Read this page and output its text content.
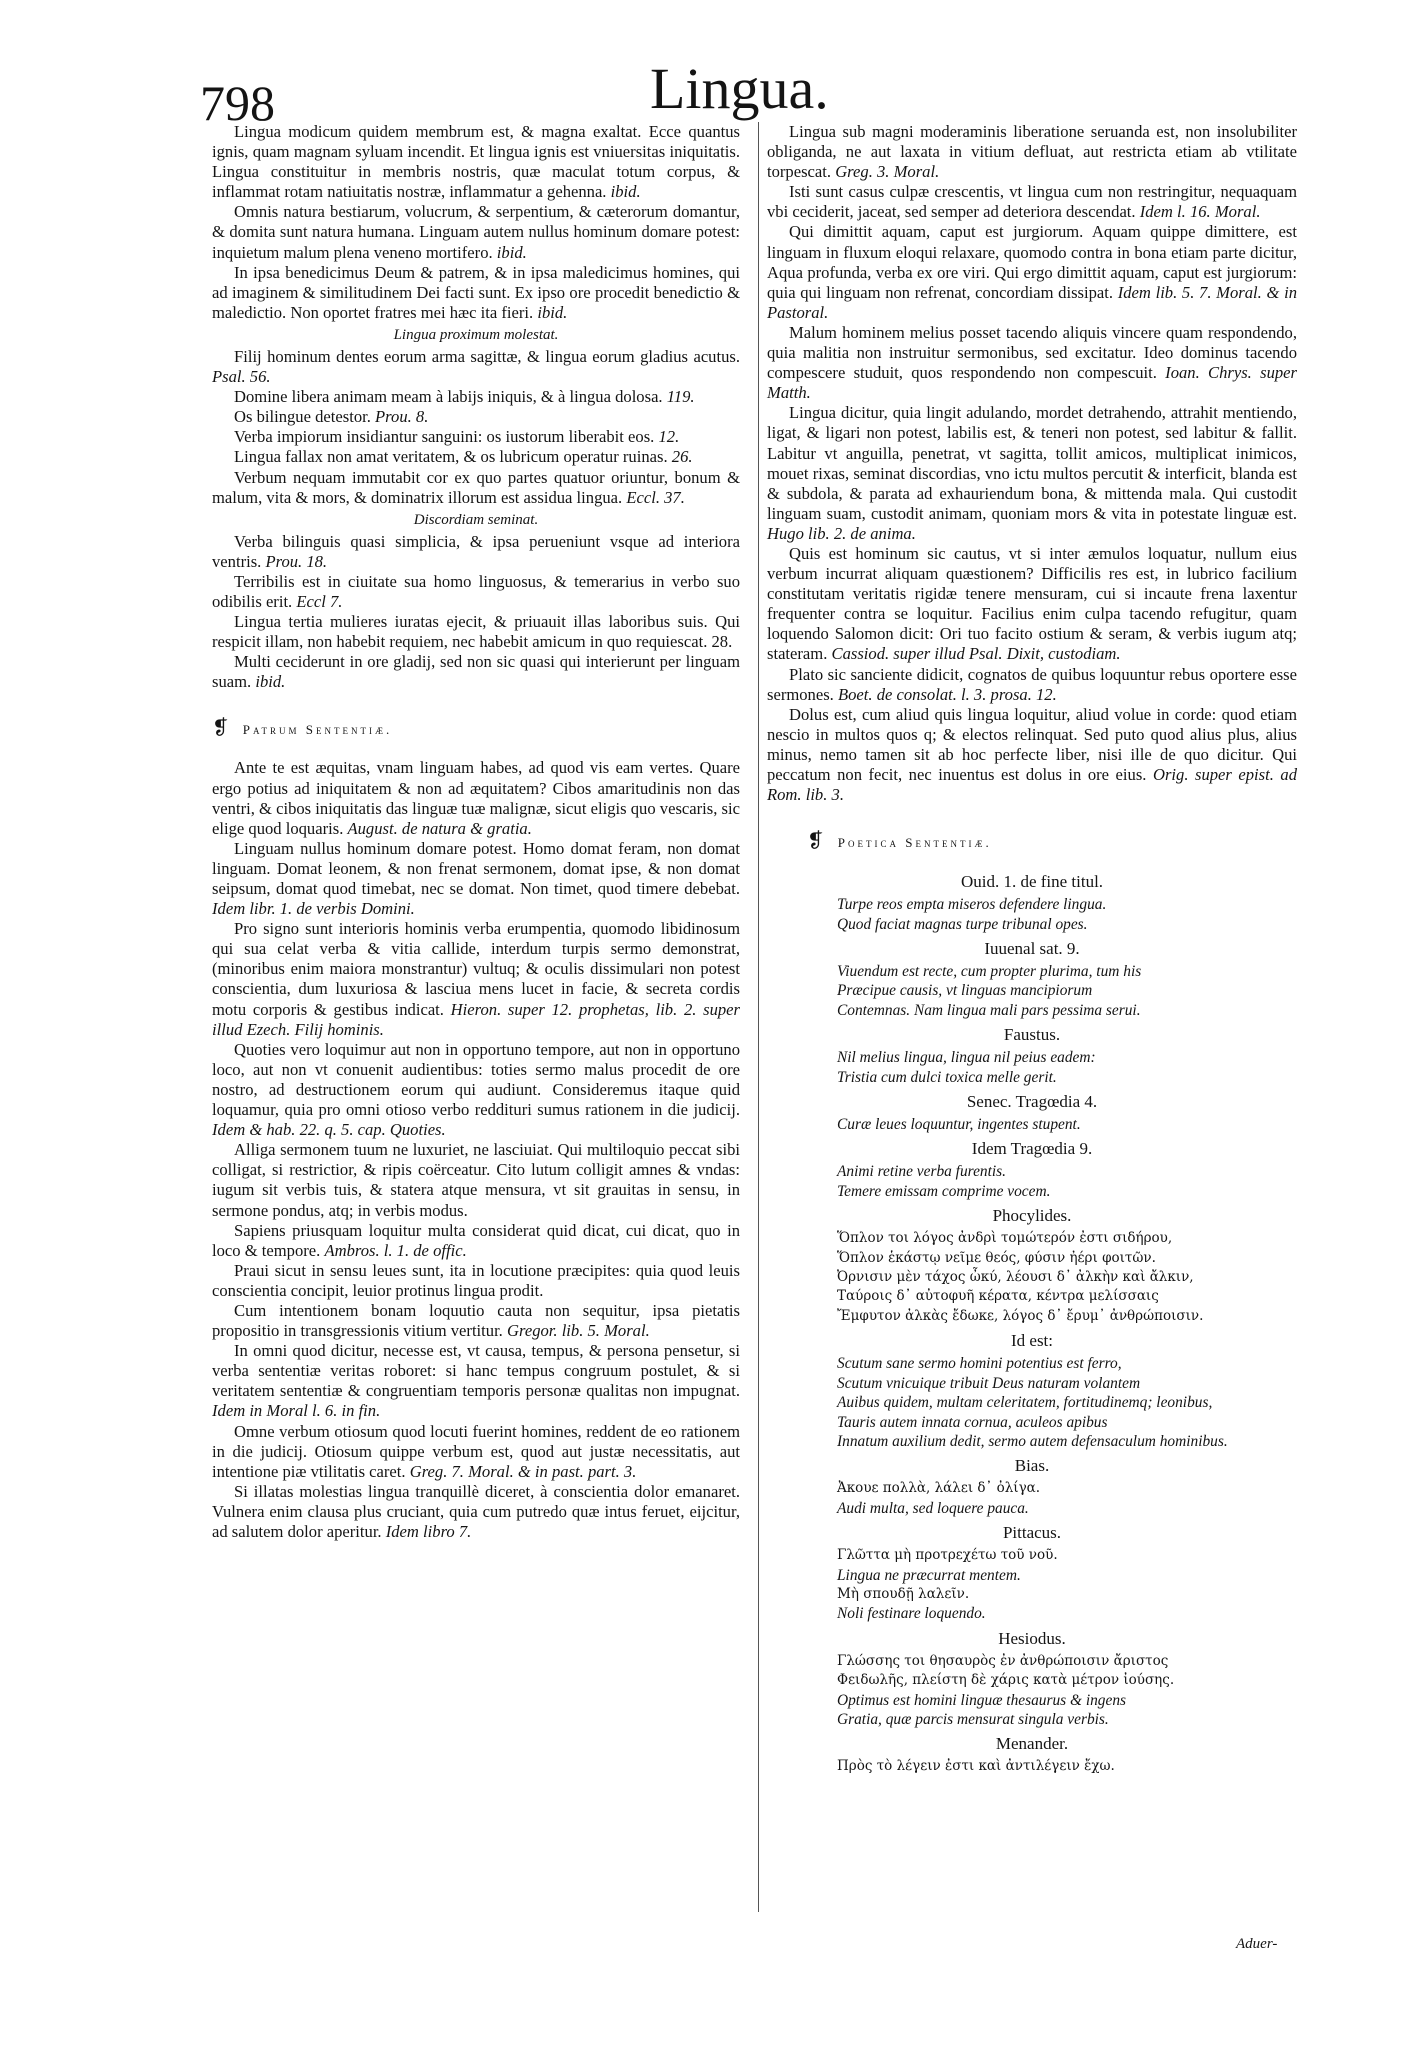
798	Lingua.

Lingua modicum quidem membrum est, & magna exaltat. Ecce quantus ignis, quam magnam syluam incendit. Et lingua ignis est vniuersitas iniquitatis. Lingua constituitur in membris nostris, quæ maculat totum corpus, & inflammat rotam natiuitatis nostræ, inflammatur a gehenna. ibid.

Omnis natura bestiarum, volucrum, & serpentium, & cæterorum domantur, & domita sunt natura humana. Linguam autem nullus hominum domare potest: inquietum malum plena veneno mortifero. ibid.

In ipsa benedicimus Deum & patrem, & in ipsa maledicimus homines, qui ad imaginem & similitudinem Dei facti sunt. Ex ipso ore procedit benedictio & maledictio. Non oportet fratres mei hæc ita fieri. ibid.

Lingua proximum molestat.

Filij hominum dentes eorum arma sagittæ, & lingua eorum gladius acutus. Psal. 56.

Domine libera animam meam à labijs iniquis, & à lingua dolosa. 119.

Os bilingue detestor. Prou. 8.

Verba impiorum insidiantur sanguini: os iustorum liberabit eos. 12.

Lingua fallax non amat veritatem, & os lubricum operatur ruinas. 26.

Verbum nequam immutabit cor ex quo partes quatuor oriuntur, bonum & malum, vita & mors, & dominatrix illorum est assidua lingua. Eccl. 37.

Discordiam seminat.

Verba bilinguis quasi simplicia, & ipsa perueniunt vsque ad interiora ventris. Prou. 18.

Terribilis est in ciuitate sua homo linguosus, & temerarius in verbo suo odibilis erit. Eccl 7.

Lingua tertia mulieres iuratas ejecit, & priuauit illas laboribus suis. Qui respicit illam, non habebit requiem, nec habebit amicum in quo requiescat. 28.

Multi ceciderunt in ore gladij, sed non sic quasi qui interierunt per linguam suam. ibid.

❡ Patrum Sententiæ.

Ante te est æquitas, vnam linguam habes, ad quod vis eam vertes. Quare ergo potius ad iniquitatem & non ad æquitatem? Cibos amaritudinis non das ventri, & cibos iniquitatis das linguæ tuæ malignæ, sicut eligis quo vescaris, sic elige quod loquaris. August. de natura & gratia.

Linguam nullus hominum domare potest. Homo domat feram, non domat linguam. Domat leonem, & non frenat sermonem, domat ipse, & non domat seipsum, domat quod timebat, nec se domat. Non timet, quod timere debebat. Idem libr. 1. de verbis Domini.

Pro signo sunt interioris hominis verba erumpentia, quomodo libidinosum qui sua celat verba & vitia callide, interdum turpis sermo demonstrat, (minoribus enim maiora monstrantur) vultuq; & oculis dissimulari non potest conscientia, dum luxuriosa & lasciua mens lucet in facie, & secreta cordis motu corporis & gestibus indicat. Hieron. super 12. prophetas, lib. 2. super illud Ezech. Filij hominis.

Quoties vero loquimur aut non in opportuno tempore, aut non in opportuno loco, aut non vt conuenit audientibus: toties sermo malus procedit de ore nostro, ad destructionem eorum qui audiunt. Consideremus itaque quid loquamur, quia pro omni otioso verbo reddituri sumus rationem in die judicij. Idem & hab. 22. q. 5. cap. Quoties.

Alliga sermonem tuum ne luxuriet, ne lasciuiat. Qui multiloquio peccat sibi colligat, si restrictior, & ripis coërceatur. Cito lutum colligit amnes & vndas: iugum sit verbis tuis, & statera atque mensura, vt sit grauitas in sensu, in sermone pondus, atq; in verbis modus.

Sapiens priusquam loquitur multa considerat quid dicat, cui dicat, quo in loco & tempore. Ambros. l. 1. de offic.

Praui sicut in sensu leues sunt, ita in locutione præcipites: quia quod leuis conscientia concipit, leuior protinus lingua prodit.

Cum intentionem bonam loquutio cauta non sequitur, ipsa pietatis propositio in transgressionis vitium vertitur. Gregor. lib. 5. Moral.

In omni quod dicitur, necesse est, vt causa, tempus, & persona pensetur, si verba sententiæ veritas roboret: si hanc tempus congruum postulet, & si veritatem sententiæ & congruentiam temporis personæ qualitas non impugnat. Idem in Moral l. 6. in fin.

Omne verbum otiosum quod locuti fuerint homines, reddent de eo rationem in die judicij. Otiosum quippe verbum est, quod aut justæ necessitatis, aut intentione piæ vtilitatis caret. Greg. 7. Moral. & in past. part. 3.

Si illatas molestias lingua tranquillè diceret, à conscientia dolor emanaret. Vulnera enim clausa plus cruciant, quia cum putredo quæ intus feruet, eijcitur, ad salutem dolor aperitur. Idem libro 7.

Lingua sub magni moderaminis liberatione seruanda est, non insolubiliter obliganda, ne aut laxata in vitium defluat, aut restricta etiam ab vtilitate torpescat. Greg. 3. Moral.

Isti sunt casus culpæ crescentis, vt lingua cum non restringitur, nequaquam vbi ceciderit, jaceat, sed semper ad deteriora descendat. Idem l. 16. Moral.

Qui dimittit aquam, caput est jurgiorum. Aquam quippe dimittere, est linguam in fluxum eloqui relaxare, quomodo contra in bona etiam parte dicitur, Aqua profunda, verba ex ore viri. Qui ergo dimittit aquam, caput est jurgiorum: quia qui linguam non refrenat, concordiam dissipat. Idem lib. 5. 7. Moral. & in Pastoral.

Malum hominem melius posset tacendo aliquis vincere quam respondendo, quia malitia non instruitur sermonibus, sed excitatur. Ideo dominus tacendo compescere studuit, quos respondendo non compescuit. Ioan. Chrys. super Matth.

Lingua dicitur, quia lingit adulando, mordet detrahendo, attrahit mentiendo, ligat, & ligari non potest, labilis est, & teneri non potest, sed labitur & fallit. Labitur vt anguilla, penetrat, vt sagitta, tollit amicos, multiplicat inimicos, mouet rixas, seminat discordias, vno ictu multos percutit & interficit, blanda est & subdola, & parata ad exhauriendum bona, & mittenda mala. Qui custodit linguam suam, custodit animam, quoniam mors & vita in potestate linguæ est. Hugo lib. 2. de anima.

Quis est hominum sic cautus, vt si inter æmulos loquatur, nullum eius verbum incurrat aliquam quæstionem? Difficilis res est, in lubrico facilium constitutam veritatis rigidæ tenere mensuram, cui si incaute frena laxentur frequenter contra se loquitur. Facilius enim culpa tacendo refugitur, quam loquendo Salomon dicit: Ori tuo facito ostium & seram, & verbis iugum atq; stateram. Cassiod. super illud Psal. Dixit, custodiam.

Plato sic sanciente didicit, cognatos de quibus loquuntur rebus oportere esse sermones. Boet. de consolat. l. 3. prosa. 12.

Dolus est, cum aliud quis lingua loquitur, aliud volue in corde: quod etiam nescio in multos quos q; & electos relinquat. Sed puto quod alius plus, alius minus, nemo tamen sit ab hoc perfecte liber, nisi ille de quo dicitur. Qui peccatum non fecit, nec inuentus est dolus in ore eius. Orig. super epist. ad Rom. lib. 3.

❡ Poetica Sententiæ.
Ouid. 1. de fine titul.
Turpe reos empta miseros defendere lingua.
Quod faciat magnas turpe tribunal opes.
Iuuenal sat. 9.
Viuendum est recte, cum propter plurima, tum his
Præcipue causis, vt linguas mancipiorum
Contemnas. Nam lingua mali pars pessima serui.
Faustus.
Nil melius lingua, lingua nil peius eadem:
Tristia cum dulci toxica melle gerit.
Senec. Tragœdia 4.
Curæ leues loquuntur, ingentes stupent.
Idem Tragœdia 9.
Animi retine verba furentis.
Temere emissam comprime vocem.
Phocylides.
Ὅπλον τοι λόγος ἀνδρὶ τομώτερόν ἐστι σιδήρου,
Ὅπλον ἑκάστῳ νεῖμε θεός, φύσιν ἠέρι φοιτῶν.
Ὀρνισιν μὲν τάχος ὦκύ, λέουσι δ᾽ ἀλκὴν καὶ ἄλκιν,
Ταύροις δ᾽ αὐτοφυῆ κέρατα, κέντρα μελίσσαις
Ἔμφυτον ἀλκὰς ἔδωκε, λόγος δ᾽ ἔρυμ᾽ ἀνθρώποισιν.
Id est:
Scutum sane sermo homini potentius est ferro,
Scutum vnicuique tribuit Deus naturam volantem
Auibus quidem, multam celeritatem, fortitudinemq; leonibus,
Tauris autem innata cornua, aculeos apibus
Innatum auxilium dedit, sermo autem defensaculum hominibus.
Bias.
Ἀκουε πολλὰ, λάλει δ᾽ ὀλίγα.
Audi multa, sed loquere pauca.
Pittacus.
Γλῶττα μὴ προτρεχέτω τοῦ νοῦ.
Lingua ne præcurrat mentem.
Μὴ σπουδῇ λαλεῖν.
Noli festinare loquendo.
Hesiodus.
Γλώσσης τοι θησαυρὸς ἐν ἀνθρώποισιν ἄριστος
Φειδωλῆς, πλείστη δὲ χάρις κατὰ μέτρον ἰούσης.
Optimus est homini linguæ thesaurus & ingens
Gratia, quæ parcis mensurat singula verbis.
Menander.
Πρὸς τὸ λέγειν ἐστι καὶ ἀντιλέγειν ἔχω.
Aduer-
